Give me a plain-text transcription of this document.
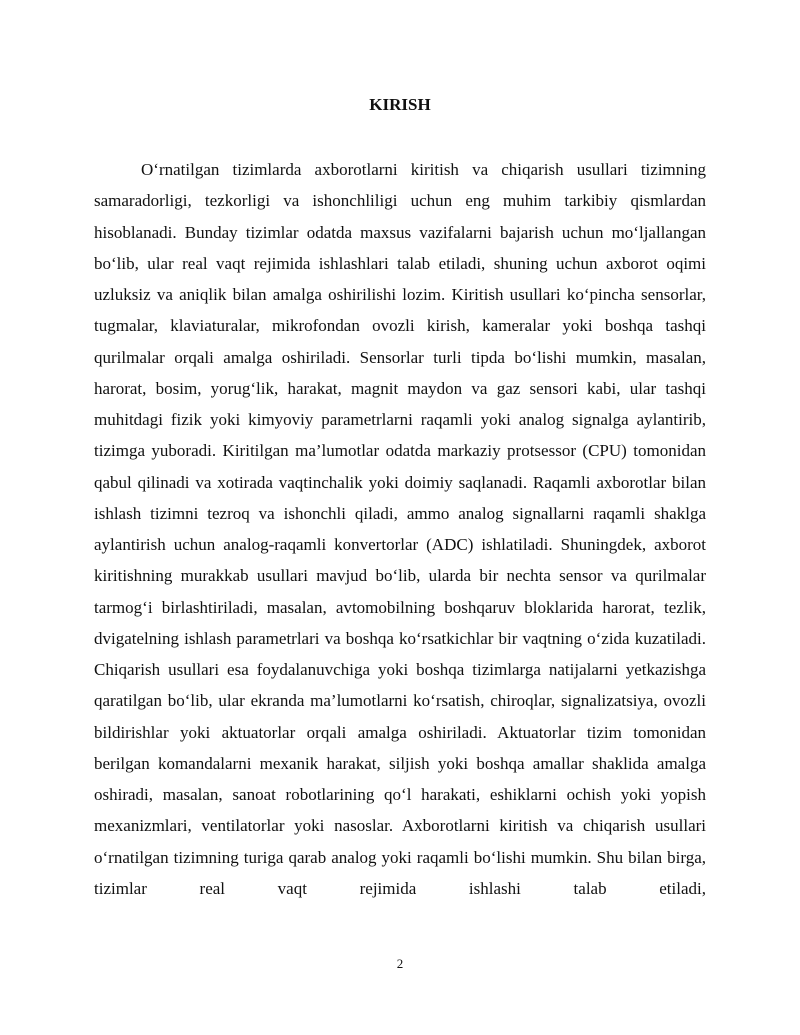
KIRISH

O‘rnatilgan tizimlarda axborotlarni kiritish va chiqarish usullari tizimning samaradorligi, tezkorligi va ishonchliligi uchun eng muhim tarkibiy qismlardan hisoblanadi. Bunday tizimlar odatda maxsus vazifalarni bajarish uchun mo‘ljallangan bo‘lib, ular real vaqt rejimida ishlashlari talab etiladi, shuning uchun axborot oqimi uzluksiz va aniqlik bilan amalga oshirilishi lozim. Kiritish usullari ko‘pincha sensorlar, tugmalar, klaviaturalar, mikrofondan ovozli kirish, kameralar yoki boshqa tashqi qurilmalar orqali amalga oshiriladi. Sensorlar turli tipda bo‘lishi mumkin, masalan, harorat, bosim, yorug‘lik, harakat, magnit maydon va gaz sensori kabi, ular tashqi muhitdagi fizik yoki kimyoviy parametrlarni raqamli yoki analog signalga aylantirib, tizimga yuboradi. Kiritilgan ma’lumotlar odatda markaziy protsessor (CPU) tomonidan qabul qilinadi va xotirada vaqtinchalik yoki doimiy saqlanadi. Raqamli axborotlar bilan ishlash tizimni tezroq va ishonchli qiladi, ammo analog signallarni raqamli shaklga aylantirish uchun analog-raqamli konvertorlar (ADC) ishlatiladi. Shuningdek, axborot kiritishning murakkab usullari mavjud bo‘lib, ularda bir nechta sensor va qurilmalar tarmog‘i birlashtiriladi, masalan, avtomobilning boshqaruv bloklarida harorat, tezlik, dvigatelning ishlash parametrlari va boshqa ko‘rsatkichlar bir vaqtning o‘zida kuzatiladi. Chiqarish usullari esa foydalanuvchiga yoki boshqa tizimlarga natijalarni yetkazishga qaratilgan bo‘lib, ular ekranda ma’lumotlarni ko‘rsatish, chiroqlar, signalizatsiya, ovozli bildirishlar yoki aktuatorlar orqali amalga oshiriladi. Aktuatorlar tizim tomonidan berilgan komandalarni mexanik harakat, siljish yoki boshqa amallar shaklida amalga oshiradi, masalan, sanoat robotlarining qo‘l harakati, eshiklarni ochish yoki yopish mexanizmlari, ventilatorlar yoki nasoslar. Axborotlarni kiritish va chiqarish usullari o‘rnatilgan tizimning turiga qarab analog yoki raqamli bo‘lishi mumkin. Shu bilan birga, tizimlar real vaqt rejimida ishlashi talab etiladi,

2
